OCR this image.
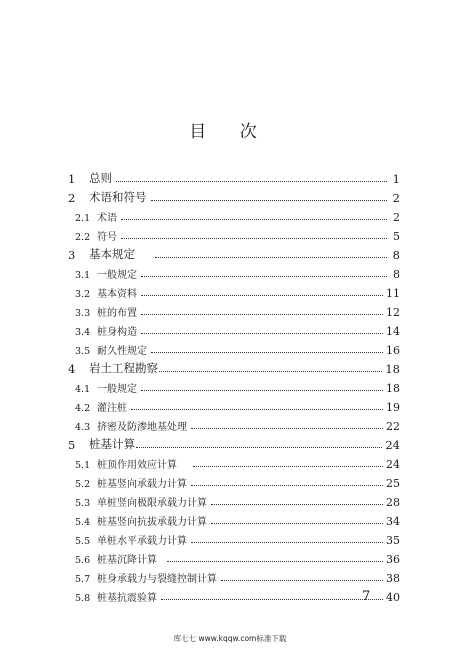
目 次
1	总则	1
2	术语和符号	2
2.1 术语	2
2.2 符号	5
3	基本规定	8
3.1 一般规定	8
3.2 基本资料	11
3.3 桩的布置	12
3.4 桩身构造	14
3.5 耐久性规定	16
4	岩土工程勘察	18
4.1 一般规定	18
4.2 灌注桩	19
4.3 挤密及防渗地基处理	22
5	桩基计算	24
5.1 桩顶作用效应计算	24
5.2 桩基竖向承载力计算	25
5.3 单桩竖向极限承载力计算	28
5.4 桩基竖向抗拔承载力计算	34
5.5 单桩水平承载力计算	35
5.6 桩基沉降计算	36
5.7 桩身承载力与裂缝控制计算	38
5.8 桩基抗震验算	40
7
库七七 www.kqqw.com标准下载
